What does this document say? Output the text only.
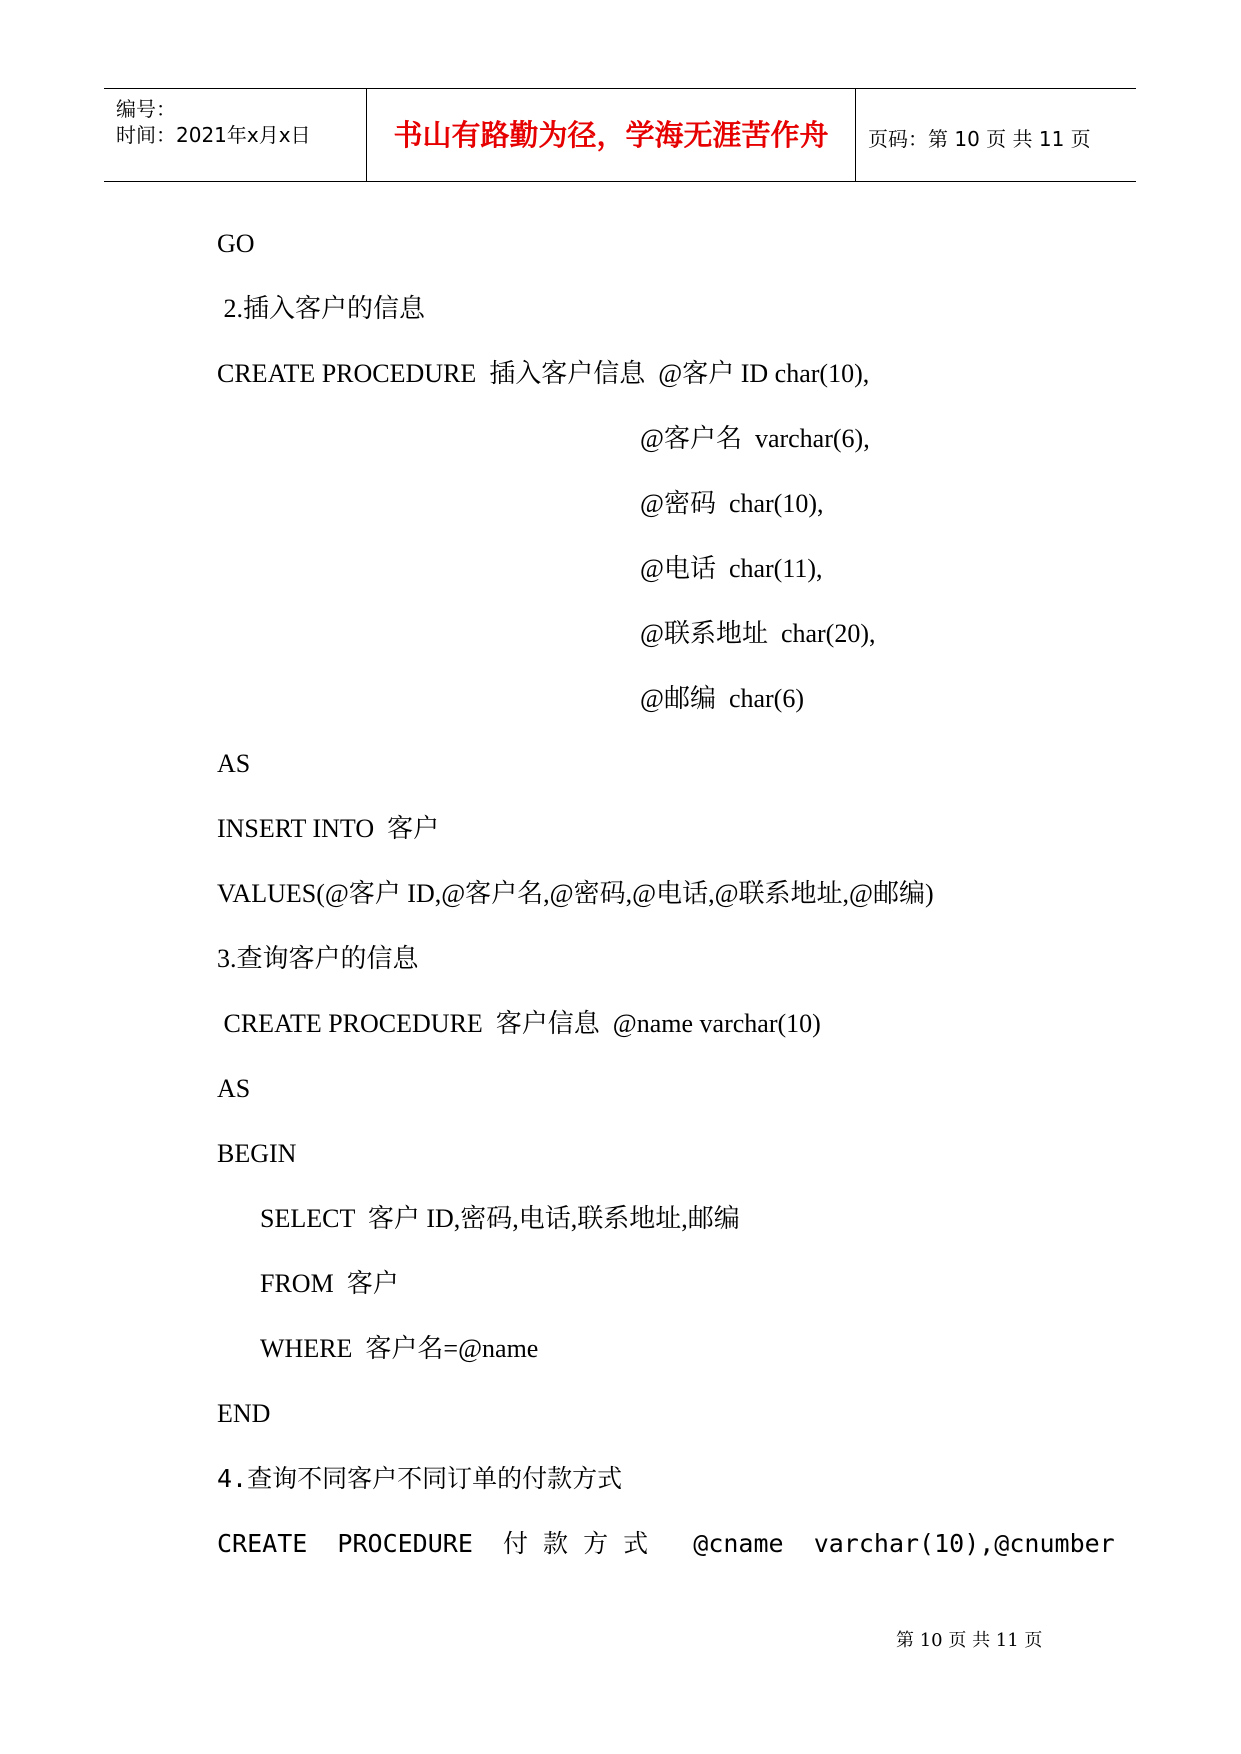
编号：
时间：2021年x月x日	书山有路勤为径，学海无涯苦作舟	页码：第 10 页 共 11 页
GO
2.插入客户的信息
CREATE PROCEDURE  插入客户信息  @客户 ID char(10),
@客户名  varchar(6),
@密码  char(10),
@电话  char(11),
@联系地址  char(20),
@邮编  char(6)
AS
INSERT INTO  客户
VALUES(@客户 ID,@客户名,@密码,@电话,@联系地址,@邮编)
3.查询客户的信息
CREATE PROCEDURE  客户信息  @name varchar(10)
AS
BEGIN
SELECT  客户 ID,密码,电话,联系地址,邮编
FROM  客户
WHERE  客户名=@name
END
4.查询不同客户不同订单的付款方式
CREATE  PROCEDURE  付 款 方 式   @cname  varchar(10),@cnumber
第 10 页 共 11 页
